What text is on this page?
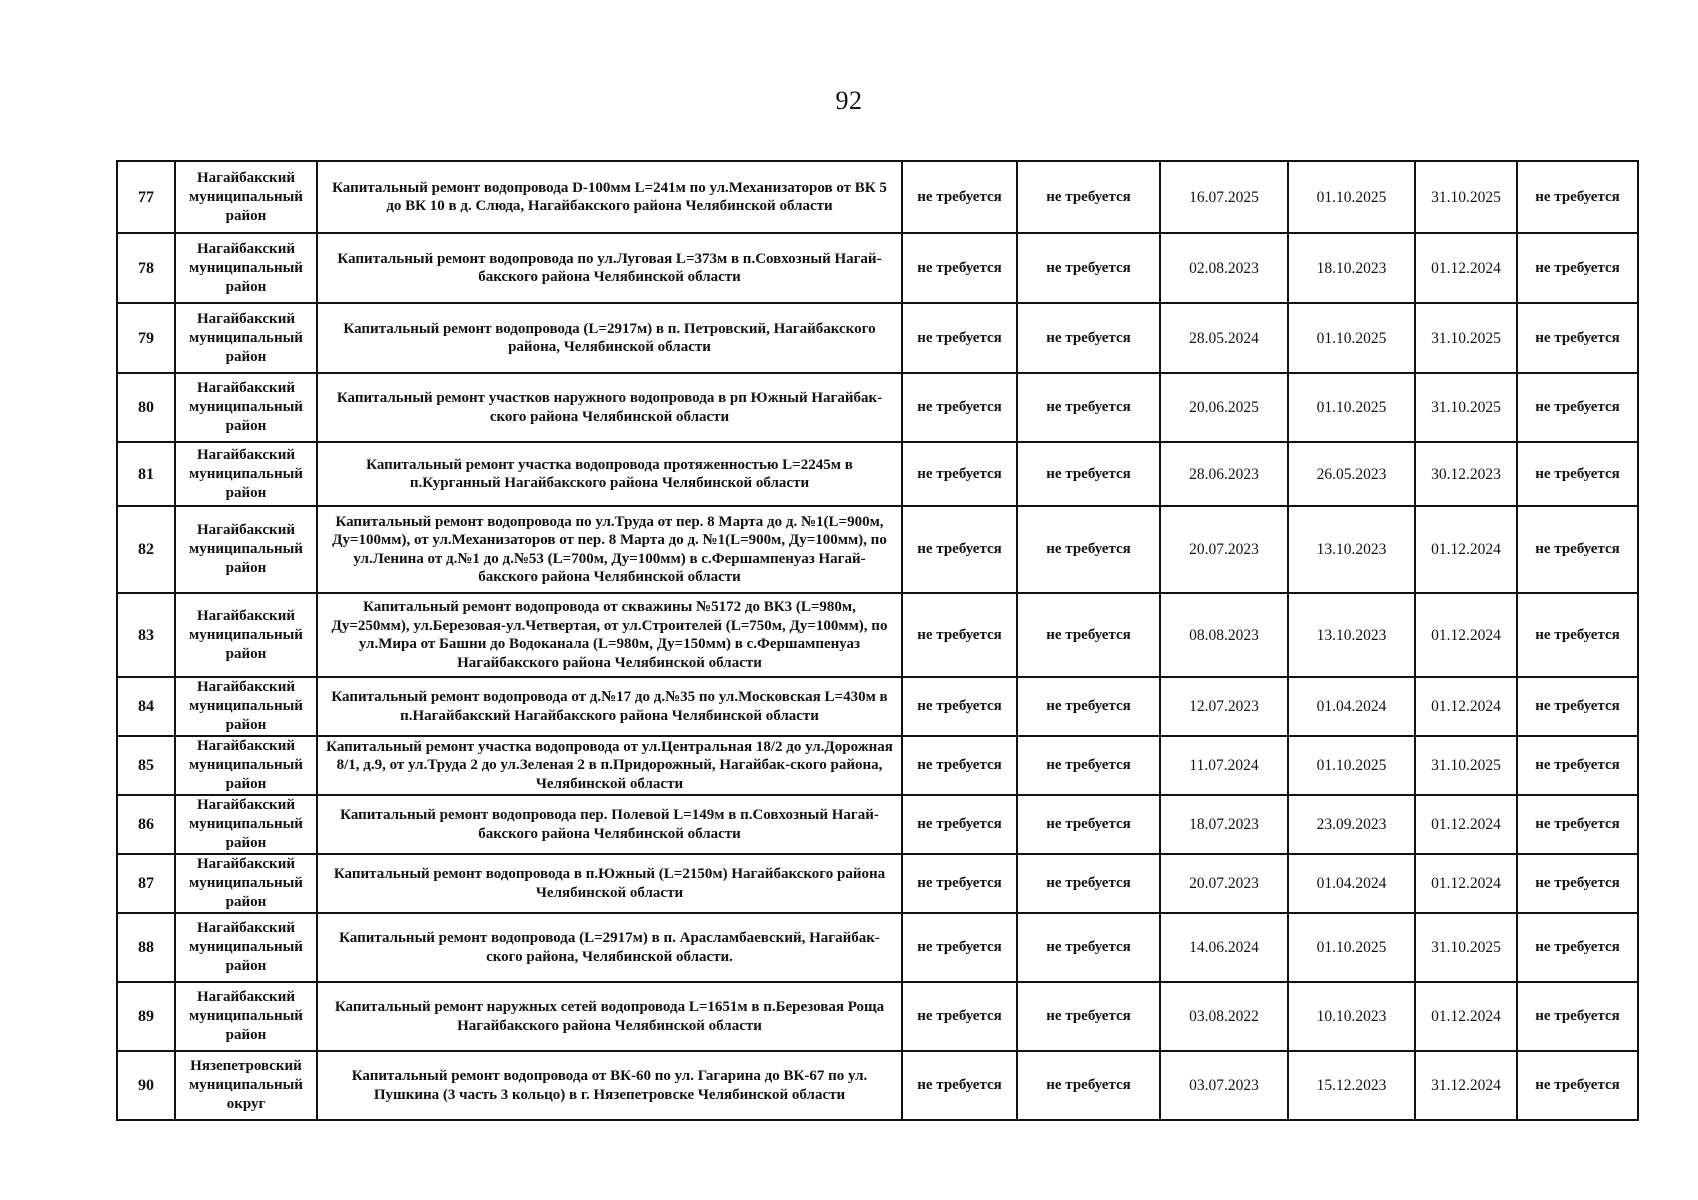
92
77	Нагайбакский муниципальный район	Капитальный ремонт водопровода D-100мм L=241м по ул.Механизаторов от ВК 5 до ВК 10 в д. Слюда, Нагайбакского района Челябинской области	не требуется	не требуется	16.07.2025	01.10.2025	31.10.2025	не требуется
78	Нагайбакский муниципальный район	Капитальный ремонт водопровода по ул.Луговая L=373м в п.Совхозный Нагай-бакского района Челябинской области	не требуется	не требуется	02.08.2023	18.10.2023	01.12.2024	не требуется
79	Нагайбакский муниципальный район	Капитальный ремонт водопровода (L=2917м) в п. Петровский, Нагайбакского района, Челябинской области	не требуется	не требуется	28.05.2024	01.10.2025	31.10.2025	не требуется
80	Нагайбакский муниципальный район	Капитальный ремонт участков наружного водопровода в рп Южный Нагайбак-ского района Челябинской области	не требуется	не требуется	20.06.2025	01.10.2025	31.10.2025	не требуется
81	Нагайбакский муниципальный район	Капитальный ремонт участка водопровода протяженностью L=2245м в п.Курганный Нагайбакского района Челябинской области	не требуется	не требуется	28.06.2023	26.05.2023	30.12.2023	не требуется
82	Нагайбакский муниципальный район	Капитальный ремонт водопровода по ул.Труда от пер. 8 Марта до д. №1(L=900м, Ду=100мм), от ул.Механизаторов от пер. 8 Марта до д. №1(L=900м, Ду=100мм), по ул.Ленина от д.№1 до д.№53 (L=700м, Ду=100мм) в с.Фершампенуаз Нагай-бакского района Челябинской области	не требуется	не требуется	20.07.2023	13.10.2023	01.12.2024	не требуется
83	Нагайбакский муниципальный район	Капитальный ремонт водопровода от скважины №5172 до ВК3 (L=980м, Ду=250мм), ул.Березовая-ул.Четвертая, от ул.Строителей (L=750м, Ду=100мм), по ул.Мира от Башни до Водоканала (L=980м, Ду=150мм) в с.Фершампенуаз Нагайбакского района Челябинской области	не требуется	не требуется	08.08.2023	13.10.2023	01.12.2024	не требуется
84	Нагайбакский муниципальный район	Капитальный ремонт водопровода от д.№17 до д.№35 по ул.Московская L=430м в п.Нагайбакский Нагайбакского района Челябинской области	не требуется	не требуется	12.07.2023	01.04.2024	01.12.2024	не требуется
85	Нагайбакский муниципальный район	Капитальный ремонт участка водопровода от ул.Центральная 18/2 до ул.Дорожная 8/1, д.9, от ул.Труда 2 до ул.Зеленая 2 в п.Придорожный, Нагайбак-ского района, Челябинской области	не требуется	не требуется	11.07.2024	01.10.2025	31.10.2025	не требуется
86	Нагайбакский муниципальный район	Капитальный ремонт водопровода пер. Полевой L=149м в п.Совхозный Нагай-бакского района Челябинской области	не требуется	не требуется	18.07.2023	23.09.2023	01.12.2024	не требуется
87	Нагайбакский муниципальный район	Капитальный ремонт водопровода в п.Южный (L=2150м) Нагайбакского района Челябинской области	не требуется	не требуется	20.07.2023	01.04.2024	01.12.2024	не требуется
88	Нагайбакский муниципальный район	Капитальный ремонт водопровода (L=2917м) в п. Арасламбаевский, Нагайбак-ского района, Челябинской области.	не требуется	не требуется	14.06.2024	01.10.2025	31.10.2025	не требуется
89	Нагайбакский муниципальный район	Капитальный ремонт наружных сетей водопровода L=1651м в п.Березовая Роща Нагайбакского района Челябинской области	не требуется	не требуется	03.08.2022	10.10.2023	01.12.2024	не требуется
90	Нязепетровский муниципальный округ	Капитальный ремонт водопровода от ВК-60 по ул. Гагарина до ВК-67 по ул. Пушкина (3 часть 3 кольцо) в г. Нязепетровске Челябинской области	не требуется	не требуется	03.07.2023	15.12.2023	31.12.2024	не требуется
